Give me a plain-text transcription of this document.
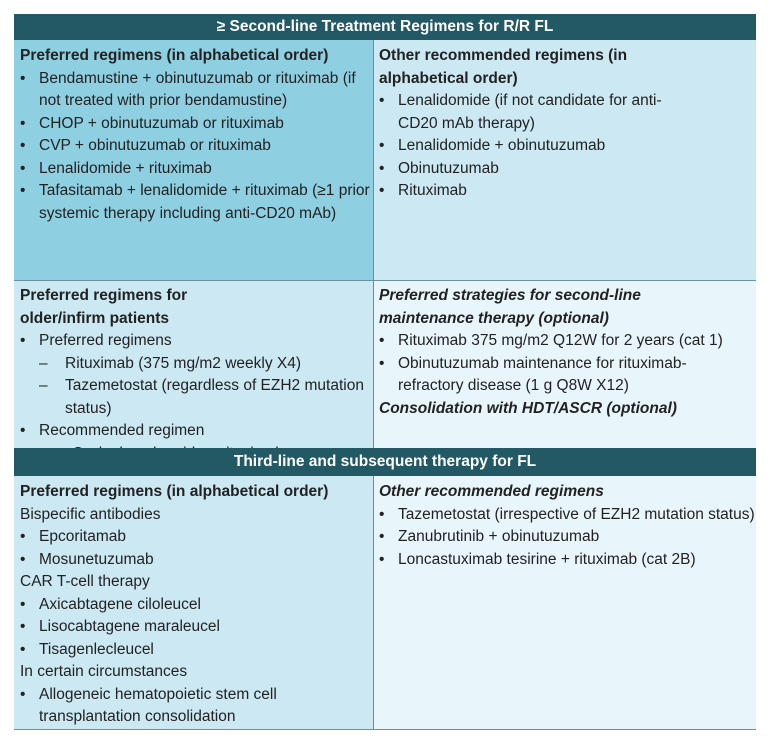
≥ Second-line Treatment Regimens for R/R FL
Preferred regimens (in alphabetical order)
• Bendamustine + obinutuzumab or rituximab (if not treated with prior bendamustine)
• CHOP + obinutuzumab or rituximab
• CVP + obinutuzumab or rituximab
• Lenalidomide + rituximab
• Tafasitamab + lenalidomide + rituximab (≥1 prior systemic therapy including anti-CD20 mAb)
Other recommended regimens (in alphabetical order)
• Lenalidomide (if not candidate for anti-CD20 mAb therapy)
• Lenalidomide + obinutuzumab
• Obinutuzumab
• Rituximab
Preferred regimens for older/infirm patients
• Preferred regimens
– Rituximab (375 mg/m2 weekly X4)
– Tazemetostat (regardless of EZH2 mutation status)
• Recommended regimen
–
Preferred strategies for second-line maintenance therapy (optional)
• Rituximab 375 mg/m2 Q12W for 2 years (cat 1)
• Obinutuzumab maintenance for rituximab-refractory disease (1 g Q8W X12)
Consolidation with HDT/ASCR (optional)
Third-line and subsequent therapy for FL
Preferred regimens (in alphabetical order)
Bispecific antibodies
• Epcoritamab
• Mosunetuzumab
CAR T-cell therapy
• Axicabtagene ciloleucel
• Lisocabtagene maraleucel
• Tisagenlecleucel
In certain circumstances
• Allogeneic hematopoietic stem cell transplantation consolidation
Other recommended regimens
• Tazemetostat (irrespective of EZH2 mutation status)
• Zanubrutinib + obinutuzumab
• Loncastuximab tesirine + rituximab (cat 2B)
